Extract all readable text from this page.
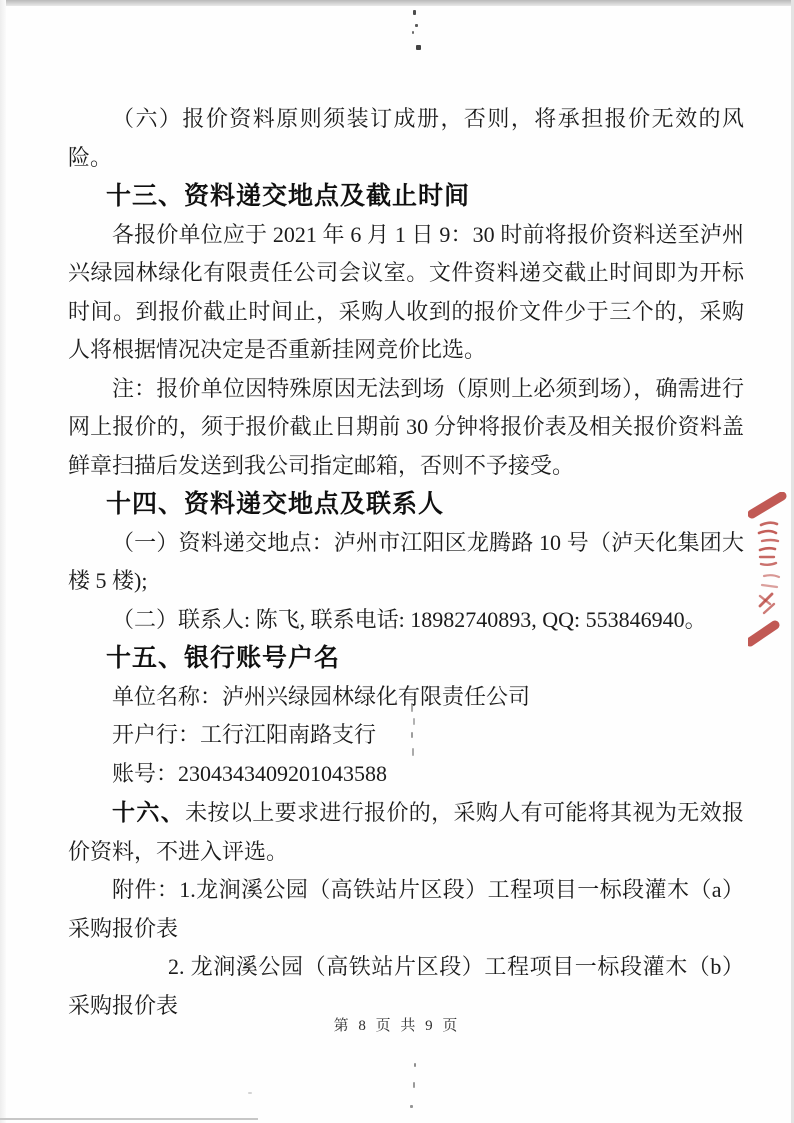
（六）报价资料原则须装订成册，否则，将承担报价无效的风险。

十三、资料递交地点及截止时间

各报价单位应于 2021 年 6 月 1 日 9：30 时前将报价资料送至泸州兴绿园林绿化有限责任公司会议室。文件资料递交截止时间即为开标时间。到报价截止时间止，采购人收到的报价文件少于三个的，采购人将根据情况决定是否重新挂网竞价比选。

注：报价单位因特殊原因无法到场（原则上必须到场），确需进行网上报价的，须于报价截止日期前 30 分钟将报价表及相关报价资料盖鲜章扫描后发送到我公司指定邮箱，否则不予接受。

十四、资料递交地点及联系人

（一）资料递交地点：泸州市江阳区龙腾路 10 号（泸天化集团大楼 5 楼);

（二）联系人: 陈飞, 联系电话: 18982740893, QQ: 553846940。

十五、银行账号户名

单位名称：泸州兴绿园林绿化有限责任公司

开户行：工行江阳南路支行

账号：2304343409201043588

十六、未按以上要求进行报价的，采购人有可能将其视为无效报价资料，不进入评选。

附件：1.龙涧溪公园（高铁站片区段）工程项目一标段灌木（a）采购报价表

2. 龙涧溪公园（高铁站片区段）工程项目一标段灌木（b）采购报价表

第 8 页 共 9 页
